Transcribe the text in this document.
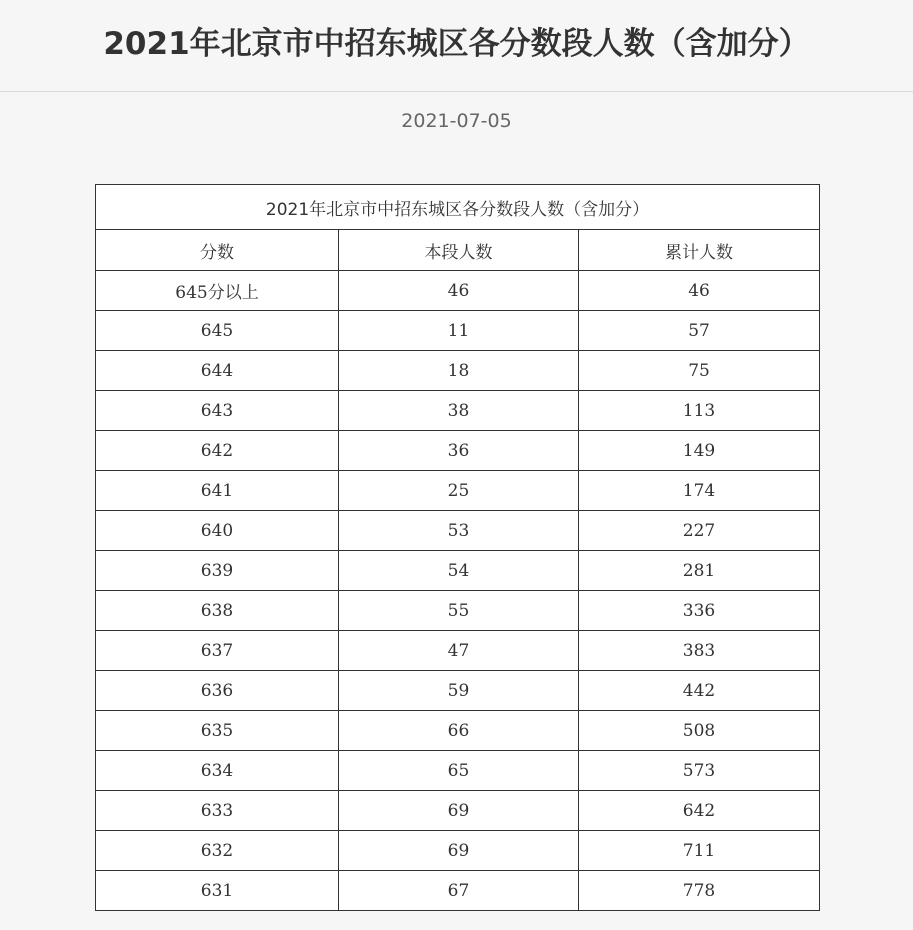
2021年北京市中招东城区各分数段人数（含加分）
2021-07-05
2021年北京市中招东城区各分数段人数（含加分）		
分数	本段人数	累计人数
645分以上	46	46
645	11	57
644	18	75
643	38	113
642	36	149
641	25	174
640	53	227
639	54	281
638	55	336
637	47	383
636	59	442
635	66	508
634	65	573
633	69	642
632	69	711
631	67	778
